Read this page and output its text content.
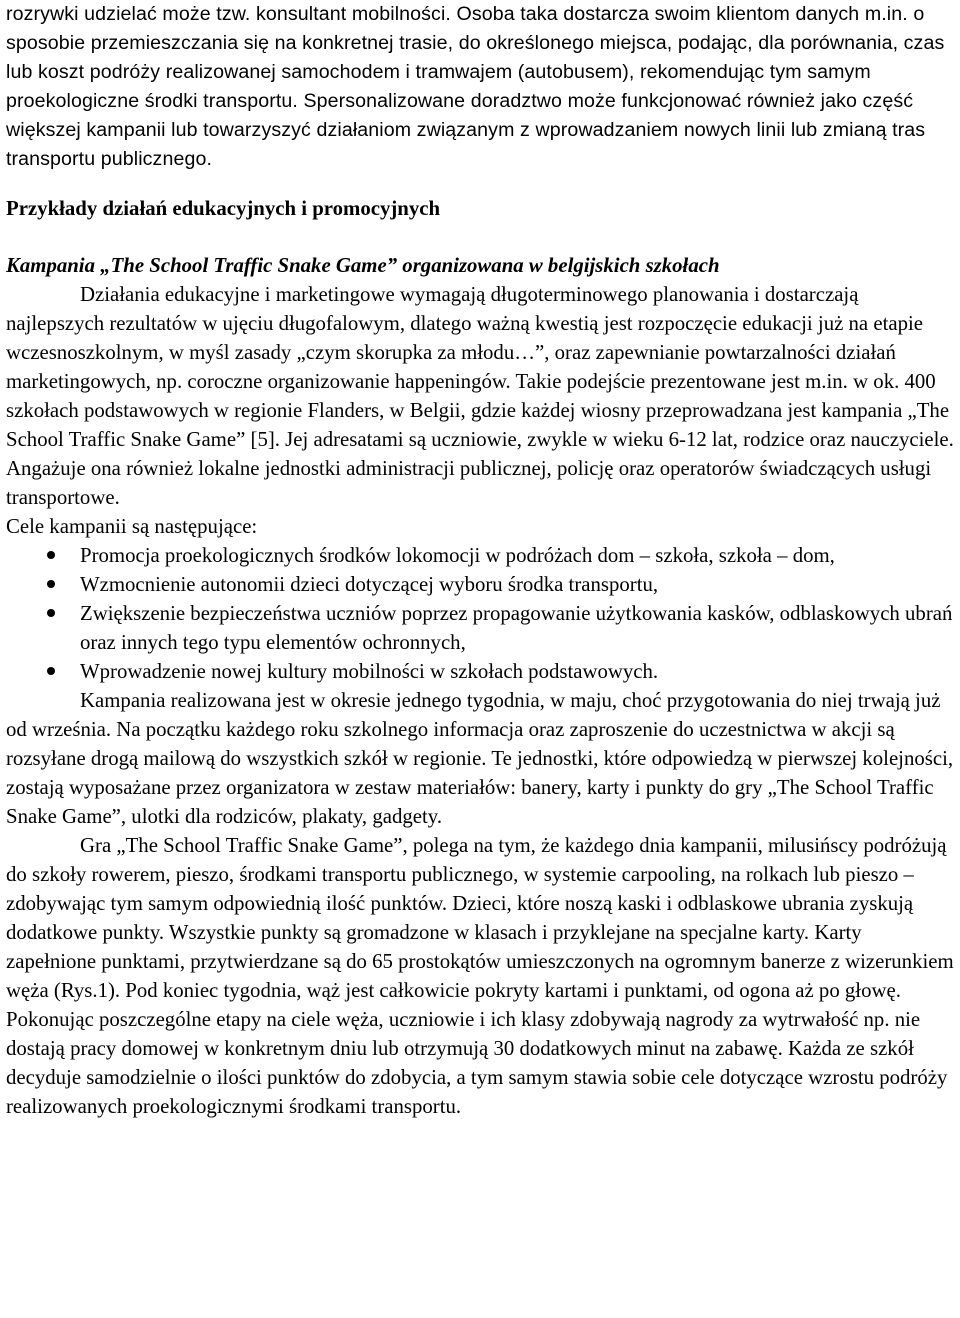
rozrywki udzielać może tzw. konsultant mobilności. Osoba taka dostarcza swoim klientom danych m.in. o sposobie przemieszczania się na konkretnej trasie, do określonego miejsca, podając, dla porównania, czas lub koszt podróży realizowanej samochodem i tramwajem (autobusem), rekomendując tym samym proekologiczne środki transportu. Spersonalizowane doradztwo może funkcjonować również jako część większej kampanii lub towarzyszyć działaniom związanym z wprowadzaniem nowych linii lub zmianą tras transportu publicznego.

Przykłady działań edukacyjnych i promocyjnych

Kampania „The School Traffic Snake Game” organizowana w belgijskich szkołach

Działania edukacyjne i marketingowe wymagają długoterminowego planowania i dostarczają najlepszych rezultatów w ujęciu długofalowym, dlatego ważną kwestią jest rozpoczęcie edukacji już na etapie wczesnoszkolnym, w myśl zasady „czym skorupka za młodu…”, oraz zapewnianie powtarzalności działań marketingowych, np. coroczne organizowanie happeningów. Takie podejście prezentowane jest m.in. w ok. 400 szkołach podstawowych w regionie Flanders, w Belgii, gdzie każdej wiosny przeprowadzana jest kampania „The School Traffic Snake Game” [5]. Jej adresatami są uczniowie, zwykle w wieku 6-12 lat, rodzice oraz nauczyciele. Angażuje ona również lokalne jednostki administracji publicznej, policję oraz operatorów świadczących usługi transportowe.

Cele kampanii są następujące:

Promocja proekologicznych środków lokomocji w podróżach dom – szkoła, szkoła – dom,
Wzmocnienie autonomii dzieci dotyczącej wyboru środka transportu,
Zwiększenie bezpieczeństwa uczniów poprzez propagowanie użytkowania kasków, odblaskowych ubrań oraz innych tego typu elementów ochronnych,
Wprowadzenie nowej kultury mobilności w szkołach podstawowych.

Kampania realizowana jest w okresie jednego tygodnia, w maju, choć przygotowania do niej trwają już od września. Na początku każdego roku szkolnego informacja oraz zaproszenie do uczestnictwa w akcji są rozsyłane drogą mailową do wszystkich szkół w regionie. Te jednostki, które odpowiedzą w pierwszej kolejności, zostają wyposażane przez organizatora w zestaw materiałów: banery, karty i punkty do gry „The School Traffic Snake Game”, ulotki dla rodziców, plakaty, gadgety.

Gra „The School Traffic Snake Game”, polega na tym, że każdego dnia kampanii, milusińscy podróżują do szkoły rowerem, pieszo, środkami transportu publicznego, w systemie carpooling, na rolkach lub pieszo – zdobywając tym samym odpowiednią ilość punktów. Dzieci, które noszą kaski i odblaskowe ubrania zyskują dodatkowe punkty. Wszystkie punkty są gromadzone w klasach i przyklejane na specjalne karty. Karty zapełnione punktami, przytwierdzane są do 65 prostokątów umieszczonych na ogromnym banerze z wizerunkiem węża (Rys.1). Pod koniec tygodnia, wąż jest całkowicie pokryty kartami i punktami, od ogona aż po głowę. Pokonując poszczególne etapy na ciele węża, uczniowie i ich klasy zdobywają nagrody za wytrwałość np. nie dostają pracy domowej w konkretnym dniu lub otrzymują 30 dodatkowych minut na zabawę. Każda ze szkół decyduje samodzielnie o ilości punktów do zdobycia, a tym samym stawia sobie cele dotyczące wzrostu podróży realizowanych proekologicznymi środkami transportu.
